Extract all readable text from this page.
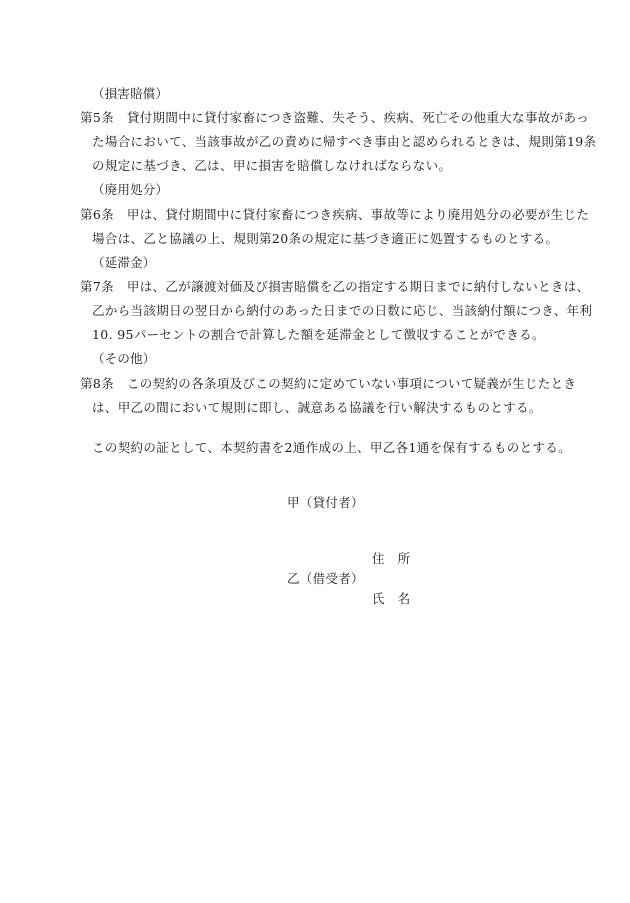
（損害賠償）
第5条　貸付期間中に貸付家畜につき盗難、失そう、疾病、死亡その他重大な事故があっ
た場合において、当該事故が乙の責めに帰すべき事由と認められるときは、規則第19条
の規定に基づき、乙は、甲に損害を賠償しなければならない。
（廃用処分）
第6条　甲は、貸付期間中に貸付家畜につき疾病、事故等により廃用処分の必要が生じた
場合は、乙と協議の上、規則第20条の規定に基づき適正に処置するものとする。
（延滞金）
第7条　甲は、乙が譲渡対価及び損害賠償を乙の指定する期日までに納付しないときは、
乙から当該期日の翌日から納付のあった日までの日数に応じ、当該納付額につき、年利
10. 95パーセントの割合で計算した額を延滞金として徴収することができる。
（その他）
第8条　この契約の各条項及びこの契約に定めていない事項について疑義が生じたとき
は、甲乙の間において規則に即し、誠意ある協議を行い解決するものとする。
この契約の証として、本契約書を2通作成の上、甲乙各1通を保有するものとする。
甲（貸付者）
住　所
乙（借受者）
氏　名
